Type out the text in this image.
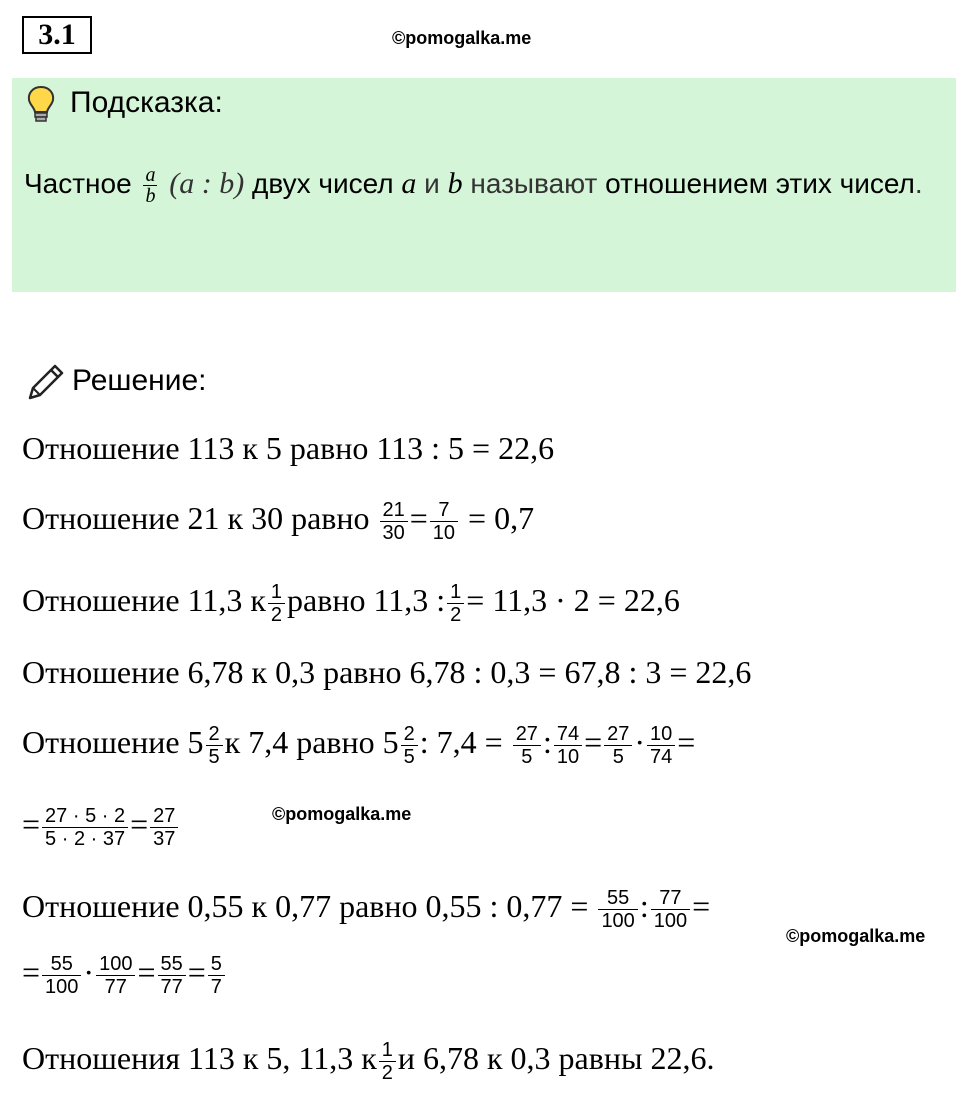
3.1	©pomogalka.me
Подсказка:
Частное $\frac{a}{b} (a$ : b) двух чисел a и b называют отношением этих чисел.
Решение:
Отношение 113 к 5 равно 113 : 5 = 22,6
Отношение 21 к 30 равно $\frac{21}{30} = \frac{7}{10} = 0,7$
Отношение 11,3 к $\frac{1}{2}$ равно 11,3 : $\frac{1}{2} = 11,3 \cdot 2 = 22,6$
Отношение 6,78 к 0,3 равно 6,78 : 0,3 = 67,8 : 3 = 22,6
Отношение $5 \frac{2}{5}$ к 7,4 равно $5 \frac{2}{5}$ : $7,4 = \frac{27}{5}$ : $\frac{74}{10} = \frac{27}{5} \cdot \frac{10}{74}$ =
= $\frac{27 \cdot 5 \cdot 2}{5 \cdot 2 \cdot 37} = \frac{27}{37}$	©pomogalka.me
Отношение 0,55 к 0,77 равно 0,55 : $0,77 = \frac{55}{100}$ : $\frac{77}{100}$ =
©pomogalka.me
= $\frac{55}{100} \cdot \frac{100}{77} = \frac{55}{77} = \frac{5}{7}$
Отношения 113 к 5, 11,3 к $\frac{1}{2}$ и 6,78 к 0,3 равны 22,6.
